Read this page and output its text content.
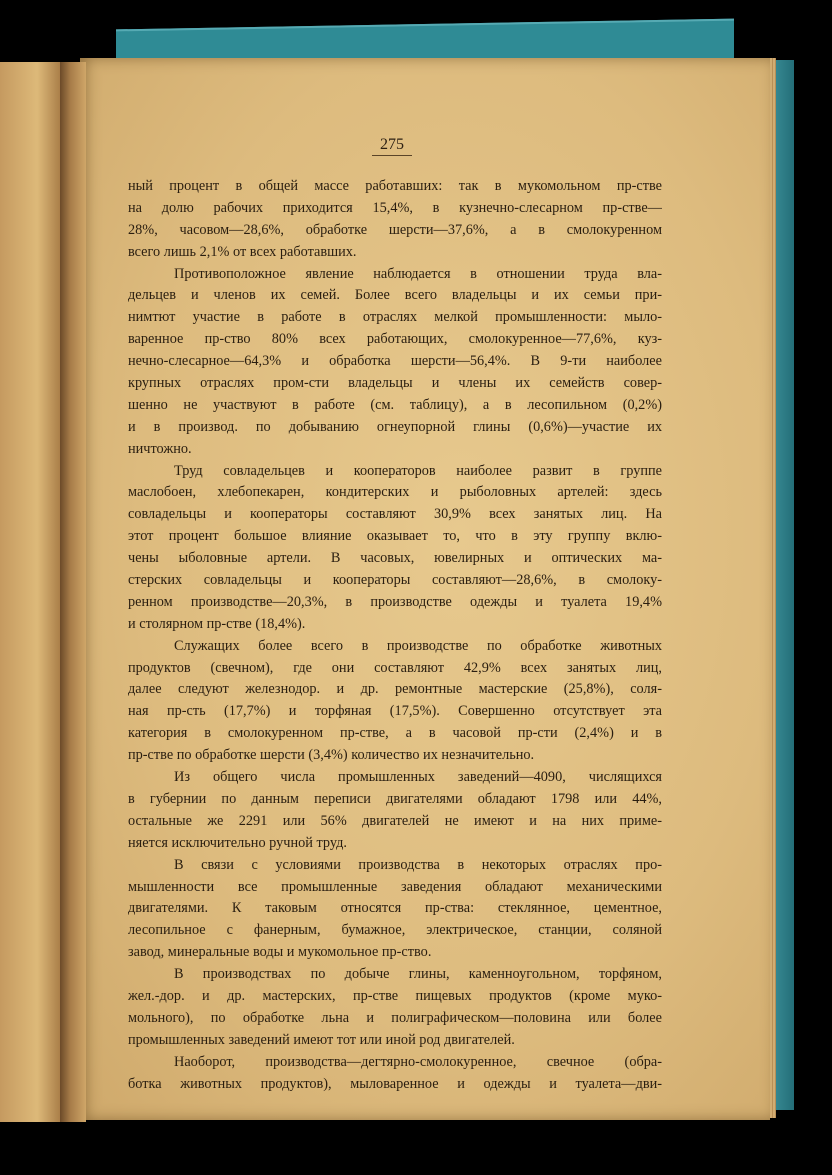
275
ный процент в общей массе работавших: так в мукомольном пр-стве
на долю рабочих приходится 15,4%, в кузнечно-слесарном пр-стве—
28%, часовом—28,6%, обработке шерсти—37,6%, а в смолокуренном
всего лишь 2,1% от всех работавших.
Противоположное явление наблюдается в отношении труда вла-
дельцев и членов их семей. Более всего владельцы и их семьи при-
нимтют участие в работе в отраслях мелкой промышленности: мыло-
варенное пр-ство 80% всех работающих, смолокуренное—77,6%, куз-
нечно-слесарное—64,3% и обработка шерсти—56,4%. В 9-ти наиболее
крупных отраслях пром-сти владельцы и члены их семейств совер-
шенно не участвуют в работе (см. таблицу), а в лесопильном (0,2%)
и в производ. по добыванию огнеупорной глины (0,6%)—участие их
ничтожно.
Труд совладельцев и кооператоров наиболее развит в группе
маслобоен, хлебопекарен, кондитерских и рыболовных артелей: здесь
совладельцы и кооператоры составляют 30,9% всех занятых лиц. На
этот процент большое влияние оказывает то, что в эту группу вклю-
чены ыболовные артели. В часовых, ювелирных и оптических ма-
стерских совладельцы и кооператоры составляют—28,6%, в смолоку-
ренном производстве—20,3%, в производстве одежды и туалета 19,4%
и столярном пр-стве (18,4%).
Служащих более всего в производстве по обработке животных
продуктов (свечном), где они составляют 42,9% всех занятых лиц,
далее следуют железнодор. и др. ремонтные мастерские (25,8%), соля-
ная пр-сть (17,7%) и торфяная (17,5%). Совершенно отсутствует эта
категория в смолокуренном пр-стве, а в часовой пр-сти (2,4%) и в
пр-стве по обработке шерсти (3,4%) количество их незначительно.
Из общего числа промышленных заведений—4090, числящихся
в губернии по данным переписи двигателями обладают 1798 или 44%,
остальные же 2291 или 56% двигателей не имеют и на них приме-
няется исключительно ручной труд.
В связи с условиями производства в некоторых отраслях про-
мышленности все промышленные заведения обладают механическими
двигателями. К таковым относятся пр-ства: стеклянное, цементное,
лесопильное с фанерным, бумажное, электрическое, станции, соляной
завод, минеральные воды и мукомольное пр-ство.
В производствах по добыче глины, каменноугольном, торфяном,
жел.-дор. и др. мастерских, пр-стве пищевых продуктов (кроме муко-
мольного), по обработке льна и полиграфическом—половина или более
промышленных заведений имеют тот или иной род двигателей.
Наоборот, производства—дегтярно-смолокуренное, свечное (обра-
ботка животных продуктов), мыловаренное и одежды и туалета—дви-
